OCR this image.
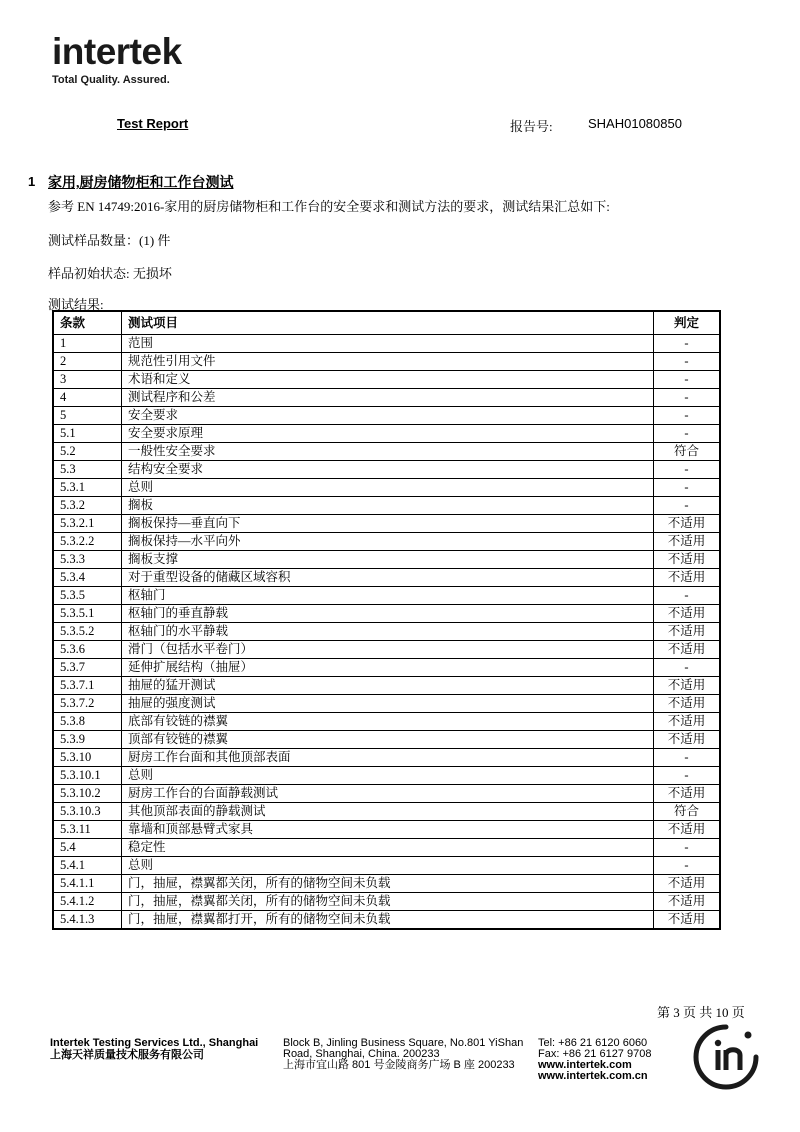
intertek
Total Quality. Assured.
Test Report	报告号:	SHAH01080850
1 家用,厨房储物柜和工作台测试
参考 EN 14749:2016-家用的厨房储物柜和工作台的安全要求和测试方法的要求，测试结果汇总如下:
测试样品数量：(1) 件
样品初始状态: 无损坏
测试结果:
条款	测试项目	判定
1	范围	-
2	规范性引用文件	-
3	术语和定义	-
4	测试程序和公差	-
5	安全要求	-
5.1	安全要求原理	-
5.2	一般性安全要求	符合
5.3	结构安全要求	-
5.3.1	总则	-
5.3.2	搁板	-
5.3.2.1	搁板保持—垂直向下	不适用
5.3.2.2	搁板保持—水平向外	不适用
5.3.3	搁板支撑	不适用
5.3.4	对于重型设备的储藏区域容积	不适用
5.3.5	枢轴门	-
5.3.5.1	枢轴门的垂直静载	不适用
5.3.5.2	枢轴门的水平静载	不适用
5.3.6	滑门（包括水平卷门）	不适用
5.3.7	延伸扩展结构（抽屉）	-
5.3.7.1	抽屉的猛开测试	不适用
5.3.7.2	抽屉的强度测试	不适用
5.3.8	底部有铰链的襟翼	不适用
5.3.9	顶部有铰链的襟翼	不适用
5.3.10	厨房工作台面和其他顶部表面	-
5.3.10.1	总则	-
5.3.10.2	厨房工作台的台面静载测试	不适用
5.3.10.3	其他顶部表面的静载测试	符合
5.3.11	靠墙和顶部悬臂式家具	不适用
5.4	稳定性	-
5.4.1	总则	-
5.4.1.1	门，抽屉，襟翼都关闭，所有的储物空间未负载	不适用
5.4.1.2	门，抽屉，襟翼都关闭，所有的储物空间未负载	不适用
5.4.1.3	门，抽屉，襟翼都打开，所有的储物空间未负载	不适用
第 3 页 共 10 页
Intertek Testing Services Ltd., Shanghai
上海天祥质量技术服务有限公司
Block B, Jinling Business Square, No.801 YiShan
Road, Shanghai, China. 200233
上海市宜山路 801 号金陵商务广场 B 座 200233
Tel: +86 21 6120 6060
Fax: +86 21 6127 9708
www.intertek.com
www.intertek.com.cn
